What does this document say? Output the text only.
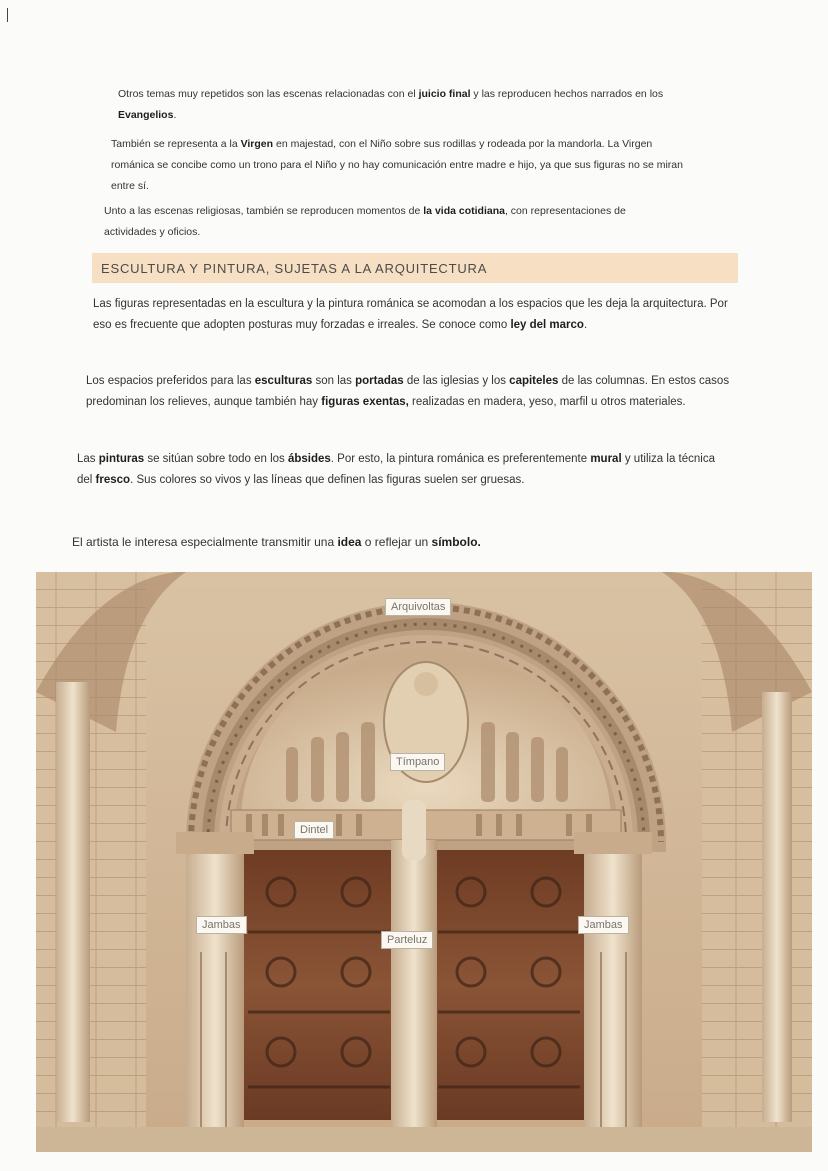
Otros temas muy repetidos son las escenas relacionadas con el juicio final y las reproducen hechos narrados en los Evangelios.
También se representa a la Virgen en majestad, con el Niño sobre sus rodillas y rodeada por la mandorla. La Virgen románica se concibe como un trono para el Niño y no hay comunicación entre madre e hijo, ya que sus figuras no se miran entre sí.
Unto a las escenas religiosas, también se reproducen momentos de la vida cotidiana, con representaciones de actividades y oficios.
ESCULTURA Y PINTURA, SUJETAS A LA ARQUITECTURA
Las figuras representadas en la escultura y la pintura románica se acomodan a los espacios que les deja la arquitectura. Por eso es frecuente que adopten posturas muy forzadas e irreales. Se conoce como ley del marco.
Los espacios preferidos para las esculturas son las portadas de las iglesias y los capiteles de las columnas. En estos casos predominan los relieves, aunque también hay figuras exentas, realizadas en madera, yeso, marfil u otros materiales.
Las pinturas se sitúan sobre todo en los ábsides. Por esto, la pintura románica es preferentemente mural y utiliza la técnica del fresco. Sus colores so vivos y las líneas que definen las figuras suelen ser gruesas.
El artista le interesa especialmente transmitir una idea o reflejar un símbolo.
Arquivoltas
Tímpano
Dintel
Jambas	Jambas
Parteluz
